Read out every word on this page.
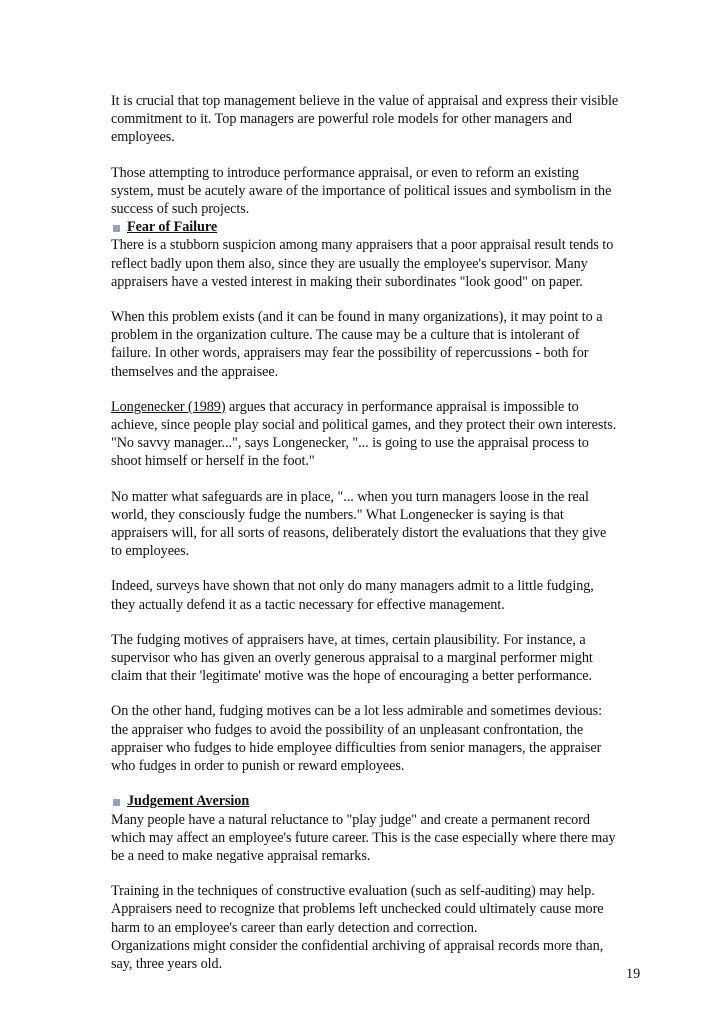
It is crucial that top management believe in the value of appraisal and express their visible
commitment to it. Top managers are powerful role models for other managers and
employees.

Those attempting to introduce performance appraisal, or even to reform an existing
system, must be acutely aware of the importance of political issues and symbolism in the
success of such projects.

Fear of Failure

There is a stubborn suspicion among many appraisers that a poor appraisal result tends to
reflect badly upon them also, since they are usually the employee's supervisor. Many
appraisers have a vested interest in making their subordinates "look good" on paper.

When this problem exists (and it can be found in many organizations), it may point to a
problem in the organization culture. The cause may be a culture that is intolerant of
failure. In other words, appraisers may fear the possibility of repercussions - both for
themselves and the appraisee.

Longenecker (1989) argues that accuracy in performance appraisal is impossible to
achieve, since people play social and political games, and they protect their own interests.
"No savvy manager...", says Longenecker, "... is going to use the appraisal process to
shoot himself or herself in the foot."

No matter what safeguards are in place, "... when you turn managers loose in the real
world, they consciously fudge the numbers." What Longenecker is saying is that
appraisers will, for all sorts of reasons, deliberately distort the evaluations that they give
to employees.

Indeed, surveys have shown that not only do many managers admit to a little fudging,
they actually defend it as a tactic necessary for effective management.

The fudging motives of appraisers have, at times, certain plausibility. For instance, a
supervisor who has given an overly generous appraisal to a marginal performer might
claim that their 'legitimate' motive was the hope of encouraging a better performance.

On the other hand, fudging motives can be a lot less admirable and sometimes devious:
the appraiser who fudges to avoid the possibility of an unpleasant confrontation, the
appraiser who fudges to hide employee difficulties from senior managers, the appraiser
who fudges in order to punish or reward employees.

Judgement Aversion

Many people have a natural reluctance to "play judge" and create a permanent record
which may affect an employee's future career. This is the case especially where there may
be a need to make negative appraisal remarks.

Training in the techniques of constructive evaluation (such as self-auditing) may help.
Appraisers need to recognize that problems left unchecked could ultimately cause more
harm to an employee's career than early detection and correction.

Organizations might consider the confidential archiving of appraisal records more than,
say, three years old.

19
